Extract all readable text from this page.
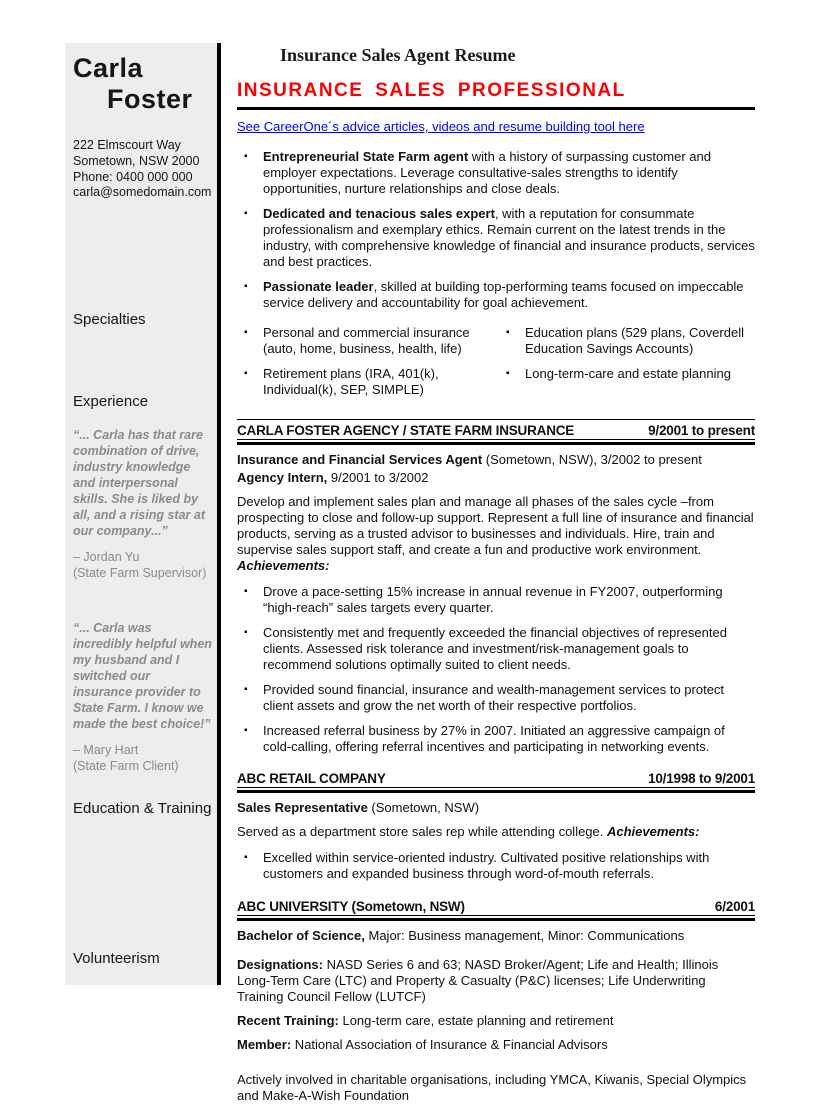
Carla
Foster
222 Elmscourt Way
Sometown, NSW 2000
Phone: 0400 000 000
carla@somedomain.com
Specialties
Experience
“... Carla has that rare combination of drive, industry knowledge and interpersonal skills. She is liked by all, and a rising star at our company...”
– Jordan Yu
(State Farm Supervisor)
“... Carla was incredibly helpful when my husband and I switched our insurance provider to State Farm. I know we made the best choice!”
– Mary Hart
(State Farm Client)
Education & Training
Volunteerism
Insurance Sales Agent Resume
INSURANCE SALES PROFESSIONAL
See CareerOne´s advice articles, videos and resume building tool here
▪ Entrepreneurial State Farm agent with a history of surpassing customer and employer expectations. Leverage consultative-sales strengths to identify opportunities, nurture relationships and close deals.
▪ Dedicated and tenacious sales expert, with a reputation for consummate professionalism and exemplary ethics. Remain current on the latest trends in the industry, with comprehensive knowledge of financial and insurance products, services and best practices.
▪ Passionate leader, skilled at building top-performing teams focused on impeccable service delivery and accountability for goal achievement.
▪ Personal and commercial insurance (auto, home, business, health, life)
▪ Retirement plans (IRA, 401(k), Individual(k), SEP, SIMPLE)
▪ Education plans (529 plans, Coverdell Education Savings Accounts)
▪ Long-term-care and estate planning
CARLA FOSTER AGENCY / STATE FARM INSURANCE	9/2001 to present
Insurance and Financial Services Agent (Sometown, NSW), 3/2002 to present
Agency Intern, 9/2001 to 3/2002
Develop and implement sales plan and manage all phases of the sales cycle –from prospecting to close and follow-up support. Represent a full line of insurance and financial products, serving as a trusted advisor to businesses and individuals. Hire, train and supervise sales support staff, and create a fun and productive work environment.
Achievements:
▪ Drove a pace-setting 15% increase in annual revenue in FY2007, outperforming “high-reach” sales targets every quarter.
▪ Consistently met and frequently exceeded the financial objectives of represented clients. Assessed risk tolerance and investment/risk-management goals to recommend solutions optimally suited to client needs.
▪ Provided sound financial, insurance and wealth-management services to protect client assets and grow the net worth of their respective portfolios.
▪ Increased referral business by 27% in 2007. Initiated an aggressive campaign of cold-calling, offering referral incentives and participating in networking events.
ABC RETAIL COMPANY	10/1998 to 9/2001
Sales Representative (Sometown, NSW)
Served as a department store sales rep while attending college. Achievements:
▪ Excelled within service-oriented industry. Cultivated positive relationships with customers and expanded business through word-of-mouth referrals.
ABC UNIVERSITY (Sometown, NSW)	6/2001
Bachelor of Science, Major: Business management, Minor: Communications
Designations: NASD Series 6 and 63; NASD Broker/Agent; Life and Health; Illinois Long-Term Care (LTC) and Property & Casualty (P&C) licenses; Life Underwriting Training Council Fellow (LUTCF)
Recent Training: Long-term care, estate planning and retirement
Member: National Association of Insurance & Financial Advisors

Actively involved in charitable organisations, including YMCA, Kiwanis, Special Olympics and Make-A-Wish Foundation
